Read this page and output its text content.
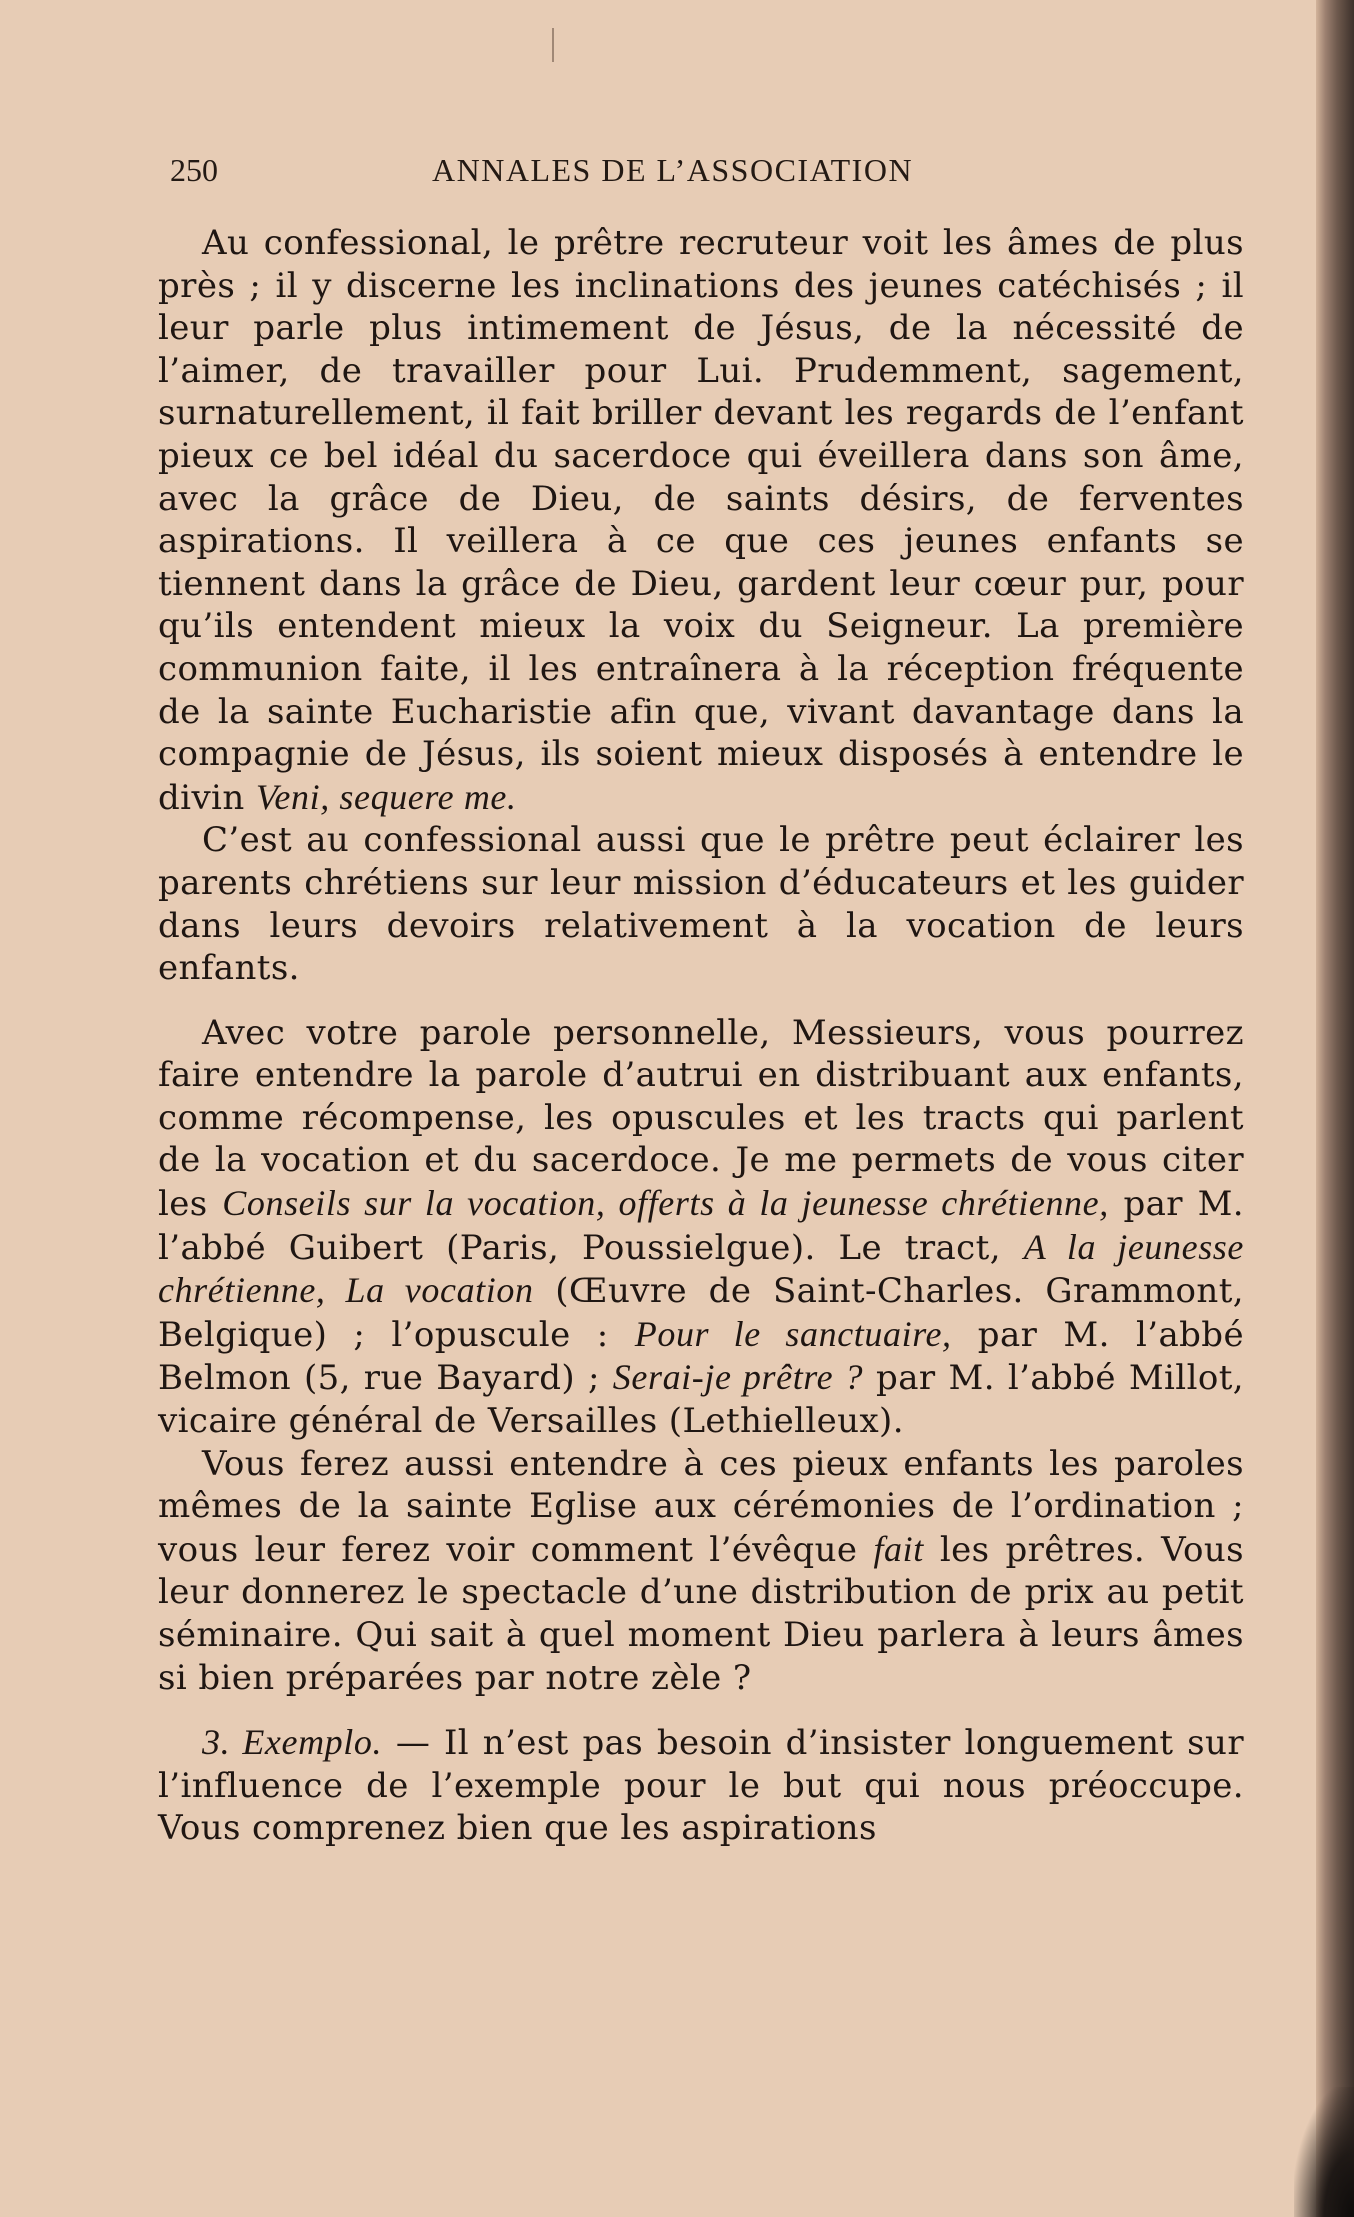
250	ANNALES DE L’ASSOCIATION

Au confessional, le prêtre recruteur voit les âmes de plus près ; il y discerne les inclinations des jeunes catéchisés ; il leur parle plus intimement de Jésus, de la nécessité de l’aimer, de travailler pour Lui. Prudemment, sagement, surnaturellement, il fait briller devant les regards de l’enfant pieux ce bel idéal du sacerdoce qui éveillera dans son âme, avec la grâce de Dieu, de saints désirs, de ferventes aspirations. Il veillera à ce que ces jeunes enfants se tiennent dans la grâce de Dieu, gardent leur cœur pur, pour qu’ils entendent mieux la voix du Seigneur. La première communion faite, il les entraînera à la réception fréquente de la sainte Eucharistie afin que, vivant davantage dans la compagnie de Jésus, ils soient mieux disposés à entendre le divin Veni, sequere me.

C’est au confessional aussi que le prêtre peut éclairer les parents chrétiens sur leur mission d’éducateurs et les guider dans leurs devoirs relativement à la vocation de leurs enfants.

Avec votre parole personnelle, Messieurs, vous pourrez faire entendre la parole d’autrui en distribuant aux enfants, comme récompense, les opuscules et les tracts qui parlent de la vocation et du sacerdoce. Je me permets de vous citer les Conseils sur la vocation, offerts à la jeunesse chrétienne, par M. l’abbé Guibert (Paris, Poussielgue). Le tract, A la jeunesse chrétienne, La vocation (Œuvre de Saint-Charles. Grammont, Belgique) ; l’opuscule : Pour le sanctuaire, par M. l’abbé Belmon (5, rue Bayard) ; Serai-je prêtre ? par M. l’abbé Millot, vicaire général de Versailles (Lethielleux).

Vous ferez aussi entendre à ces pieux enfants les paroles mêmes de la sainte Eglise aux cérémonies de l’ordination ; vous leur ferez voir comment l’évêque fait les prêtres. Vous leur donnerez le spectacle d’une distribution de prix au petit séminaire. Qui sait à quel moment Dieu parlera à leurs âmes si bien préparées par notre zèle ?

3. Exemplo. — Il n’est pas besoin d’insister longuement sur l’influence de l’exemple pour le but qui nous préoccupe. Vous comprenez bien que les aspirations
